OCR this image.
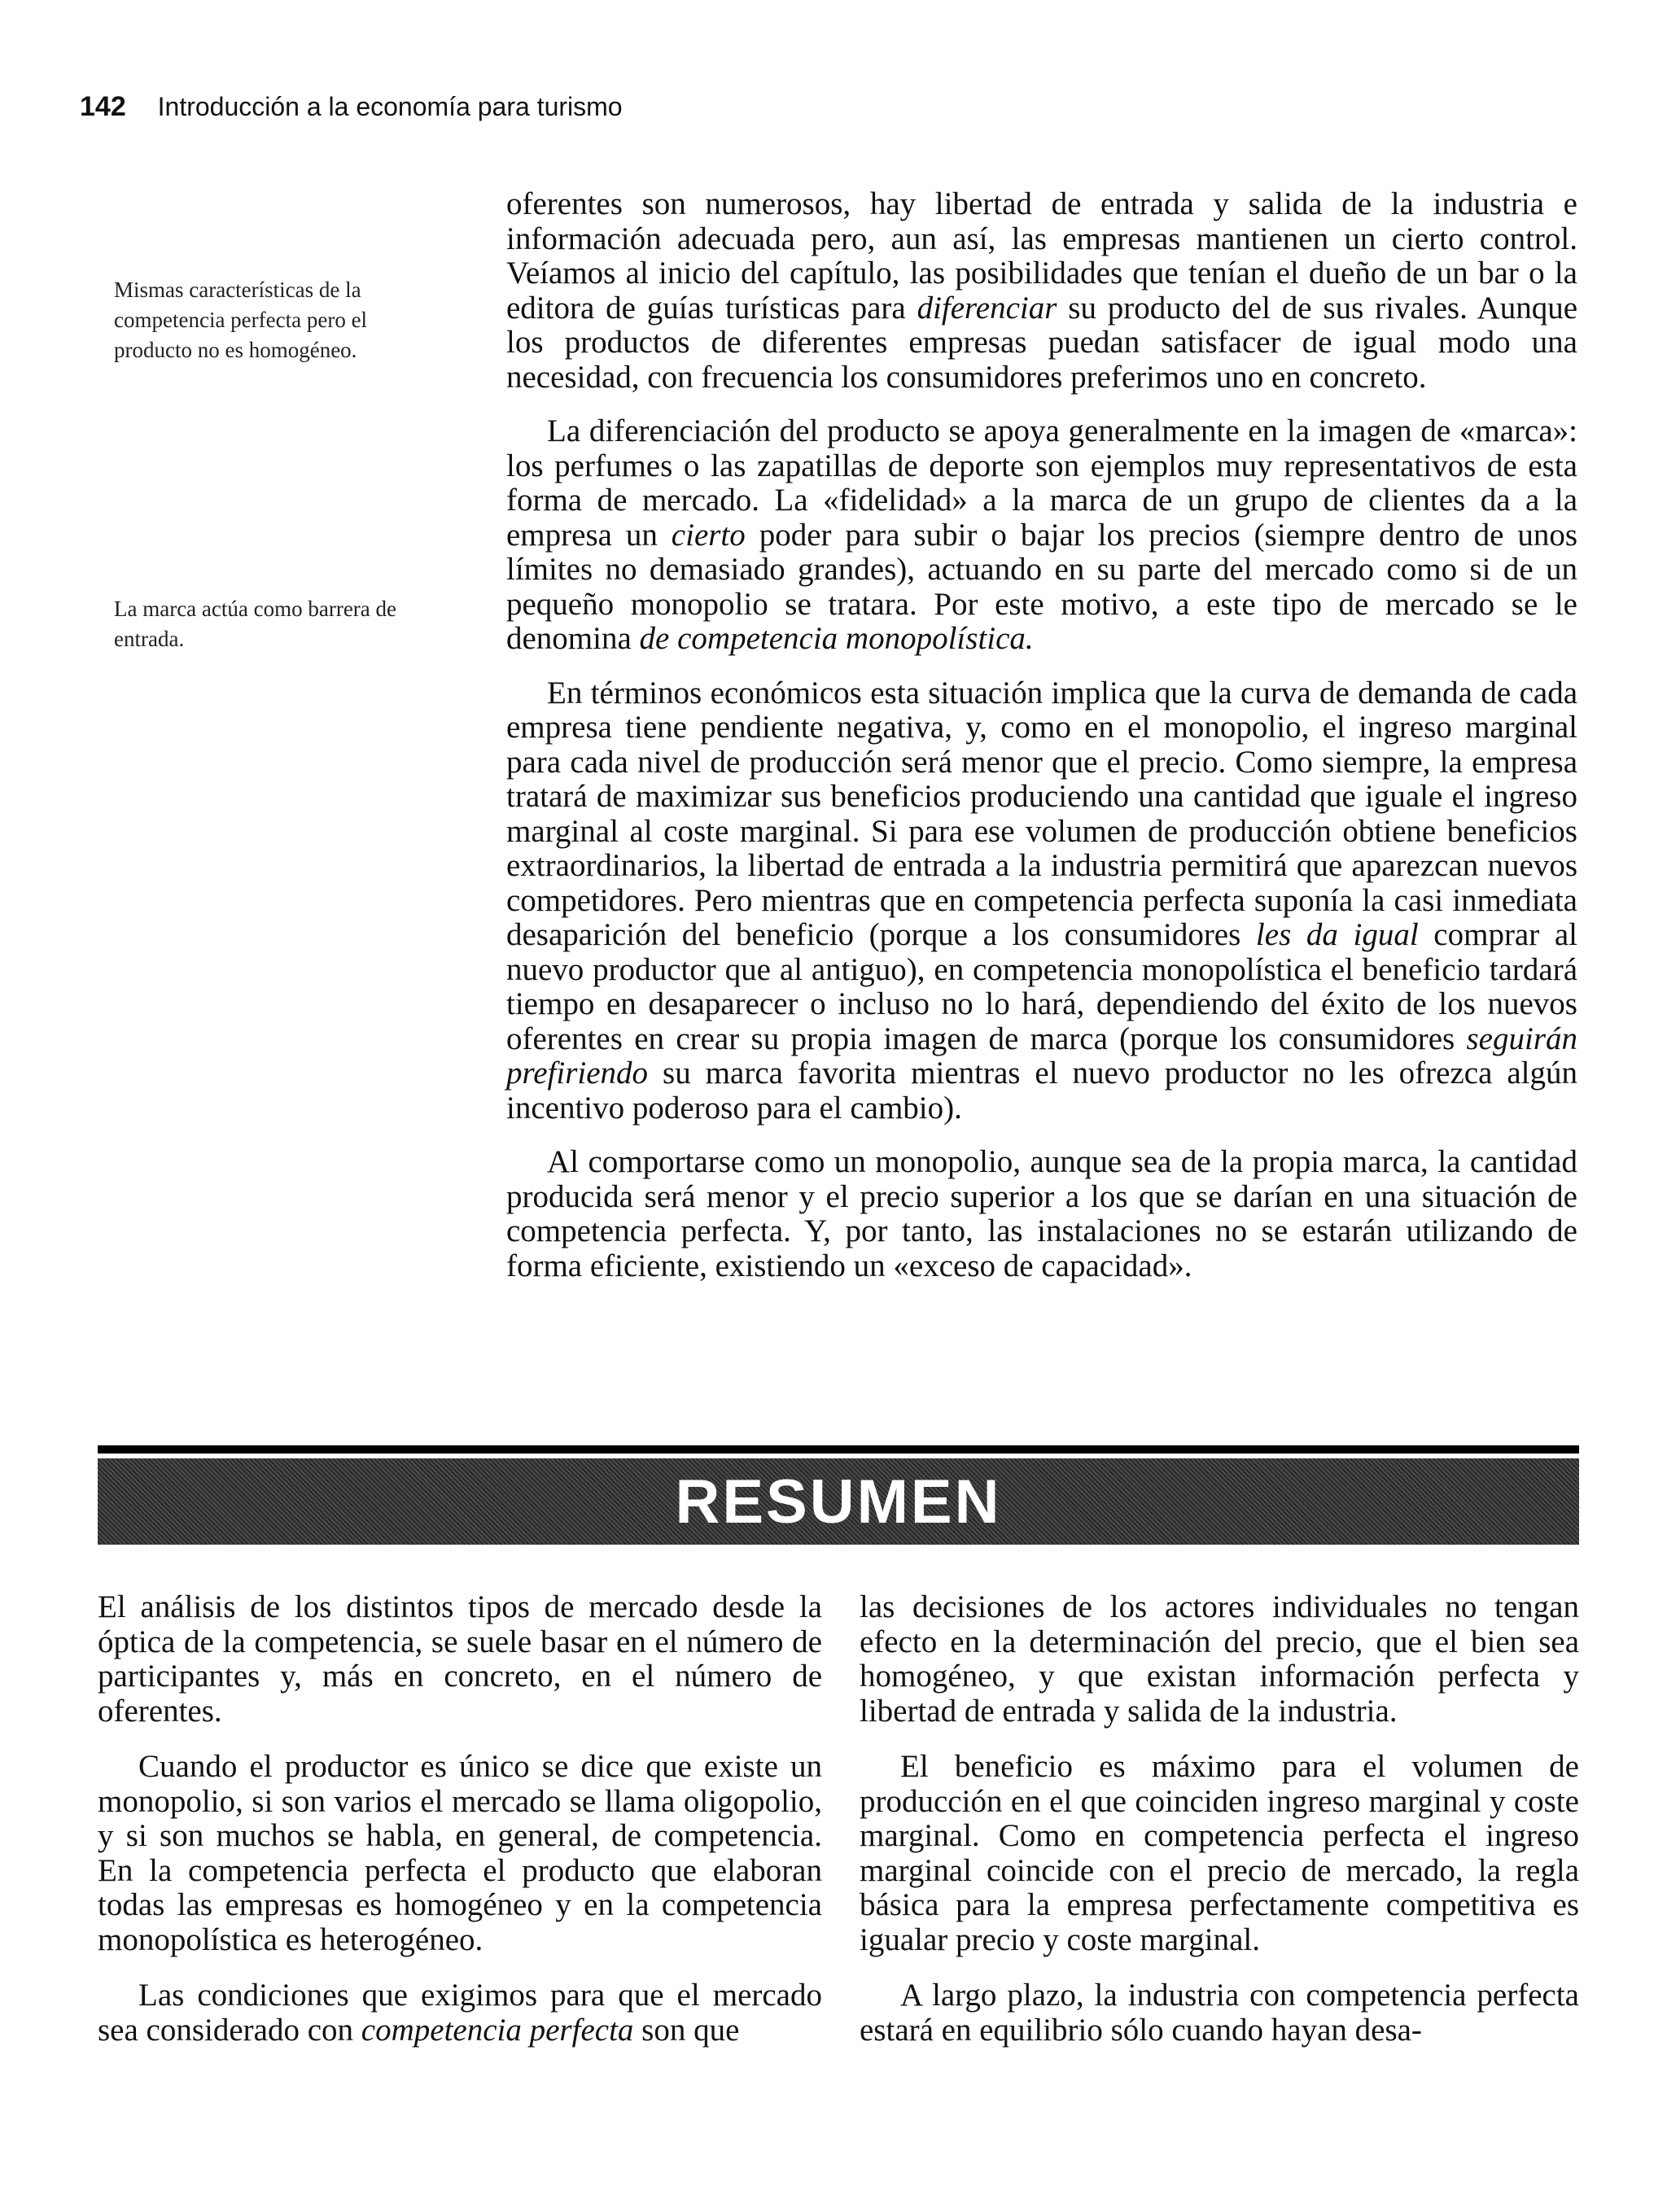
142 Introducción a la economía para turismo
Mismas características de la competencia perfecta pero el producto no es homogéneo.
La marca actúa como barrera de entrada.

oferentes son numerosos, hay libertad de entrada y salida de la industria e información adecuada pero, aun así, las empresas mantienen un cierto control. Veíamos al inicio del capítulo, las posibilidades que tenían el dueño de un bar o la editora de guías turísticas para diferenciar su producto del de sus rivales. Aunque los productos de diferentes empresas puedan satisfacer de igual modo una necesidad, con frecuencia los consumidores preferimos uno en concreto.

La diferenciación del producto se apoya generalmente en la imagen de «marca»: los perfumes o las zapatillas de deporte son ejemplos muy representativos de esta forma de mercado. La «fidelidad» a la marca de un grupo de clientes da a la empresa un cierto poder para subir o bajar los precios (siempre dentro de unos límites no demasiado grandes), actuando en su parte del mercado como si de un pequeño monopolio se tratara. Por este motivo, a este tipo de mercado se le denomina de competencia monopolística.

En términos económicos esta situación implica que la curva de demanda de cada empresa tiene pendiente negativa, y, como en el monopolio, el ingreso marginal para cada nivel de producción será menor que el precio. Como siempre, la empresa tratará de maximizar sus beneficios produciendo una cantidad que iguale el ingreso marginal al coste marginal. Si para ese volumen de producción obtiene beneficios extraordinarios, la libertad de entrada a la industria permitirá que aparezcan nuevos competidores. Pero mientras que en competencia perfecta suponía la casi inmediata desaparición del beneficio (porque a los consumidores les da igual comprar al nuevo productor que al antiguo), en competencia monopolística el beneficio tardará tiempo en desaparecer o incluso no lo hará, dependiendo del éxito de los nuevos oferentes en crear su propia imagen de marca (porque los consumidores seguirán prefiriendo su marca favorita mientras el nuevo productor no les ofrezca algún incentivo poderoso para el cambio).

Al comportarse como un monopolio, aunque sea de la propia marca, la cantidad producida será menor y el precio superior a los que se darían en una situación de competencia perfecta. Y, por tanto, las instalaciones no se estarán utilizando de forma eficiente, existiendo un «exceso de capacidad».

RESUMEN

El análisis de los distintos tipos de mercado desde la óptica de la competencia, se suele basar en el número de participantes y, más en concreto, en el número de oferentes.

Cuando el productor es único se dice que existe un monopolio, si son varios el mercado se llama oligopolio, y si son muchos se habla, en general, de competencia. En la competencia perfecta el producto que elaboran todas las empresas es homogéneo y en la competencia monopolística es heterogéneo.

Las condiciones que exigimos para que el mercado sea considerado con competencia perfecta son que

las decisiones de los actores individuales no tengan efecto en la determinación del precio, que el bien sea homogéneo, y que existan información perfecta y libertad de entrada y salida de la industria.

El beneficio es máximo para el volumen de producción en el que coinciden ingreso marginal y coste marginal. Como en competencia perfecta el ingreso marginal coincide con el precio de mercado, la regla básica para la empresa perfectamente competitiva es igualar precio y coste marginal.

A largo plazo, la industria con competencia perfecta estará en equilibrio sólo cuando hayan desa-
